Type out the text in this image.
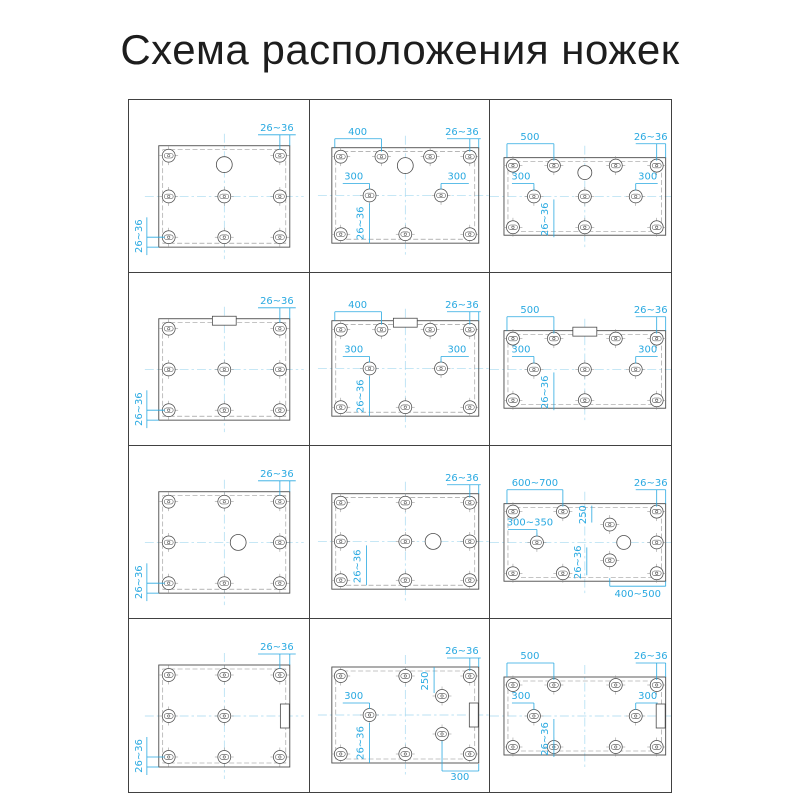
Схема расположения ножек
26~36
26~36
400	26~36
300	300
26~36
500	26~36
300	300
26~36
26~36
26~36
400	26~36
300	300
26~36
500	26~36
300	300
26~36
26~36
26~36
26~36
26~36
600~700	26~36
300~350 250
26~36
400~500
26~36
26~36
26~36
250
300
26~36
300
500	26~36
300	300
26~36
